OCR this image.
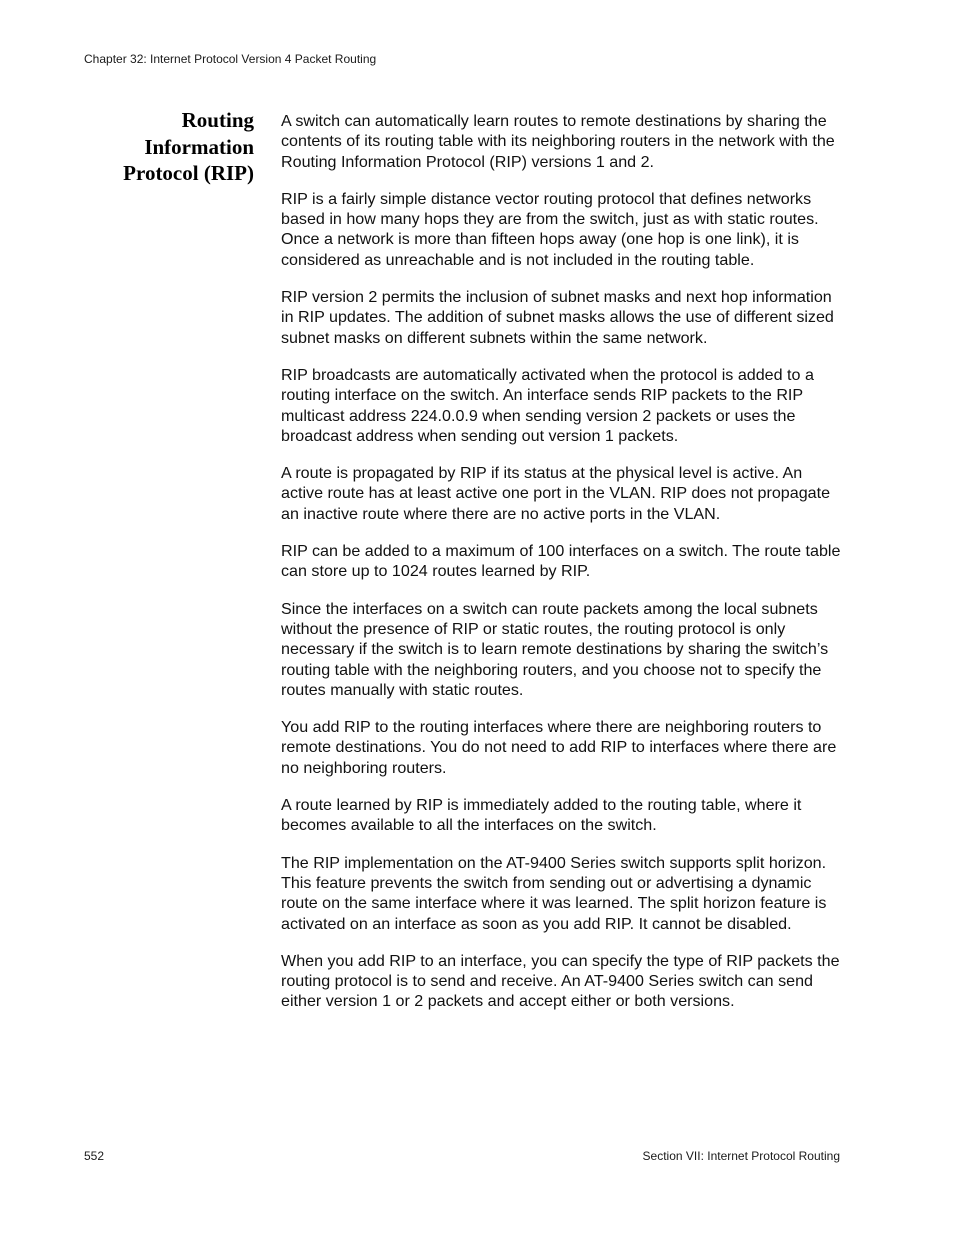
Chapter 32: Internet Protocol Version 4 Packet Routing
Routing
Information
Protocol (RIP)

A switch can automatically learn routes to remote destinations by sharing the contents of its routing table with its neighboring routers in the network with the Routing Information Protocol (RIP) versions 1 and 2.

RIP is a fairly simple distance vector routing protocol that defines networks based in how many hops they are from the switch, just as with static routes. Once a network is more than fifteen hops away (one hop is one link), it is considered as unreachable and is not included in the routing table.

RIP version 2 permits the inclusion of subnet masks and next hop information in RIP updates. The addition of subnet masks allows the use of different sized subnet masks on different subnets within the same network.

RIP broadcasts are automatically activated when the protocol is added to a routing interface on the switch. An interface sends RIP packets to the RIP multicast address 224.0.0.9 when sending version 2 packets or uses the broadcast address when sending out version 1 packets.

A route is propagated by RIP if its status at the physical level is active. An active route has at least active one port in the VLAN. RIP does not propagate an inactive route where there are no active ports in the VLAN.

RIP can be added to a maximum of 100 interfaces on a switch. The route table can store up to 1024 routes learned by RIP.

Since the interfaces on a switch can route packets among the local subnets without the presence of RIP or static routes, the routing protocol is only necessary if the switch is to learn remote destinations by sharing the switch’s routing table with the neighboring routers, and you choose not to specify the routes manually with static routes.

You add RIP to the routing interfaces where there are neighboring routers to remote destinations. You do not need to add RIP to interfaces where there are no neighboring routers.

A route learned by RIP is immediately added to the routing table, where it becomes available to all the interfaces on the switch.

The RIP implementation on the AT-9400 Series switch supports split horizon. This feature prevents the switch from sending out or advertising a dynamic route on the same interface where it was learned. The split horizon feature is activated on an interface as soon as you add RIP. It cannot be disabled.

When you add RIP to an interface, you can specify the type of RIP packets the routing protocol is to send and receive. An AT-9400 Series switch can send either version 1 or 2 packets and accept either or both versions.

552	Section VII: Internet Protocol Routing
